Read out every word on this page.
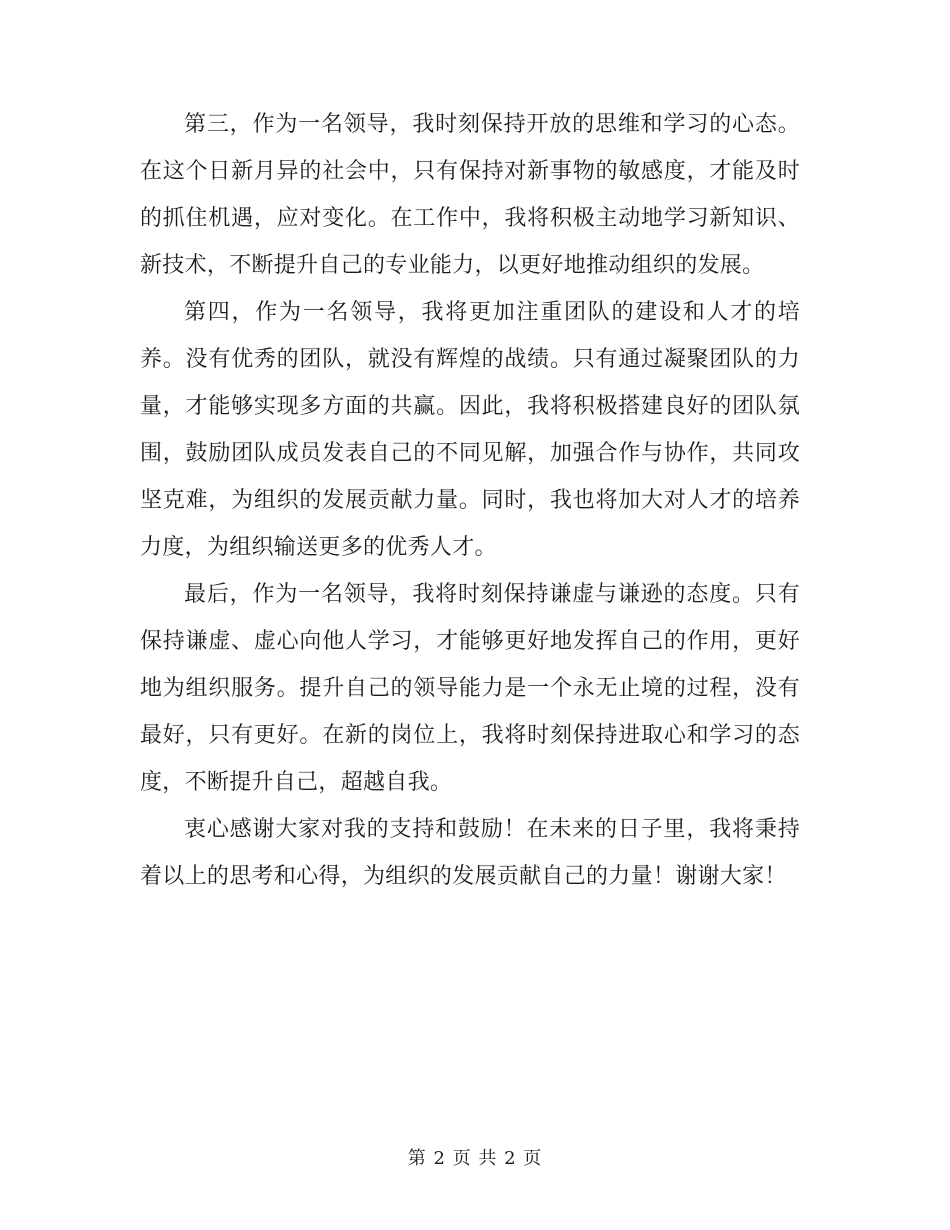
第三，作为一名领导，我时刻保持开放的思维和学习的心态。在这个日新月异的社会中，只有保持对新事物的敏感度，才能及时的抓住机遇，应对变化。在工作中，我将积极主动地学习新知识、新技术，不断提升自己的专业能力，以更好地推动组织的发展。

第四，作为一名领导，我将更加注重团队的建设和人才的培养。没有优秀的团队，就没有辉煌的战绩。只有通过凝聚团队的力量，才能够实现多方面的共赢。因此，我将积极搭建良好的团队氛围，鼓励团队成员发表自己的不同见解，加强合作与协作，共同攻坚克难，为组织的发展贡献力量。同时，我也将加大对人才的培养力度，为组织输送更多的优秀人才。

最后，作为一名领导，我将时刻保持谦虚与谦逊的态度。只有保持谦虚、虚心向他人学习，才能够更好地发挥自己的作用，更好地为组织服务。提升自己的领导能力是一个永无止境的过程，没有最好，只有更好。在新的岗位上，我将时刻保持进取心和学习的态度，不断提升自己，超越自我。

衷心感谢大家对我的支持和鼓励！在未来的日子里，我将秉持着以上的思考和心得，为组织的发展贡献自己的力量！谢谢大家！

第 2 页 共 2 页
